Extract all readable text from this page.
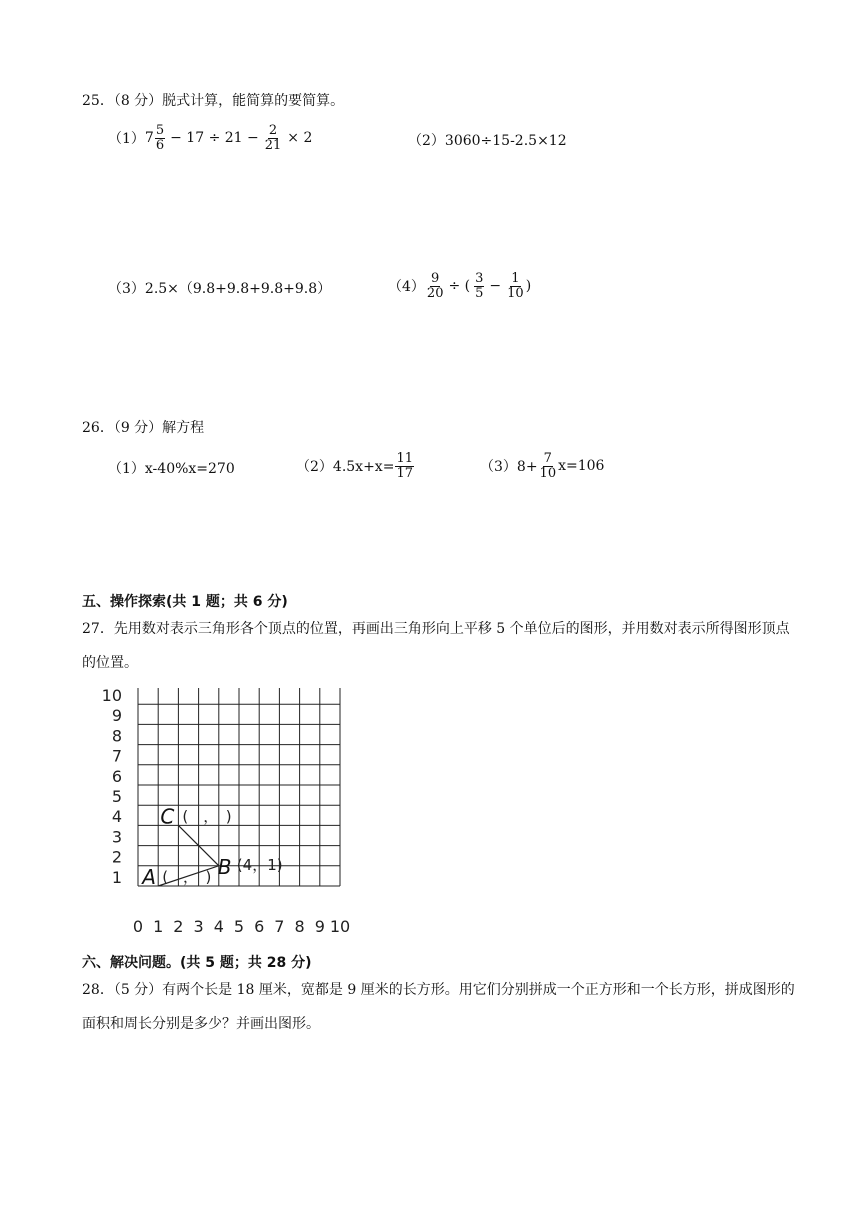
25．（8 分）脱式计算，能简算的要简算。
（1） $7 \frac{5}{6} - 17 \div 21 - \frac{2}{21} \times 2$	（2）3060÷15-2.5×12
（3）2.5×（9.8+9.8+9.8+9.8）	$(4) \frac{9}{20}$ ÷ ( $\frac{3}{5} - \frac{1}{10}$ )
26．（9 分）解方程
（1）x-40%x=270	$(2)4.5x+x= \frac{11}{17}$	$(3)8+ \frac{7}{10} x=106$
五、操作探索(共 1 题；共 6 分)
27．先用数对表示三角形各个顶点的位置，再画出三角形向上平移 5 个单位后的图形，并用数对表示所得图形顶点的位置。
0 1 2 3 4 5 6 7 8 9 10
1
2
3
4
5
6
7
8
9
10
A (　，　) B (4，1)
C (　，　)
六、解决问题。(共 5 题；共 28 分)
28．（5 分）有两个长是 18 厘米，宽都是 9 厘米的长方形。用它们分别拼成一个正方形和一个长方形，拼成图形的面积和周长分别是多少？并画出图形。
